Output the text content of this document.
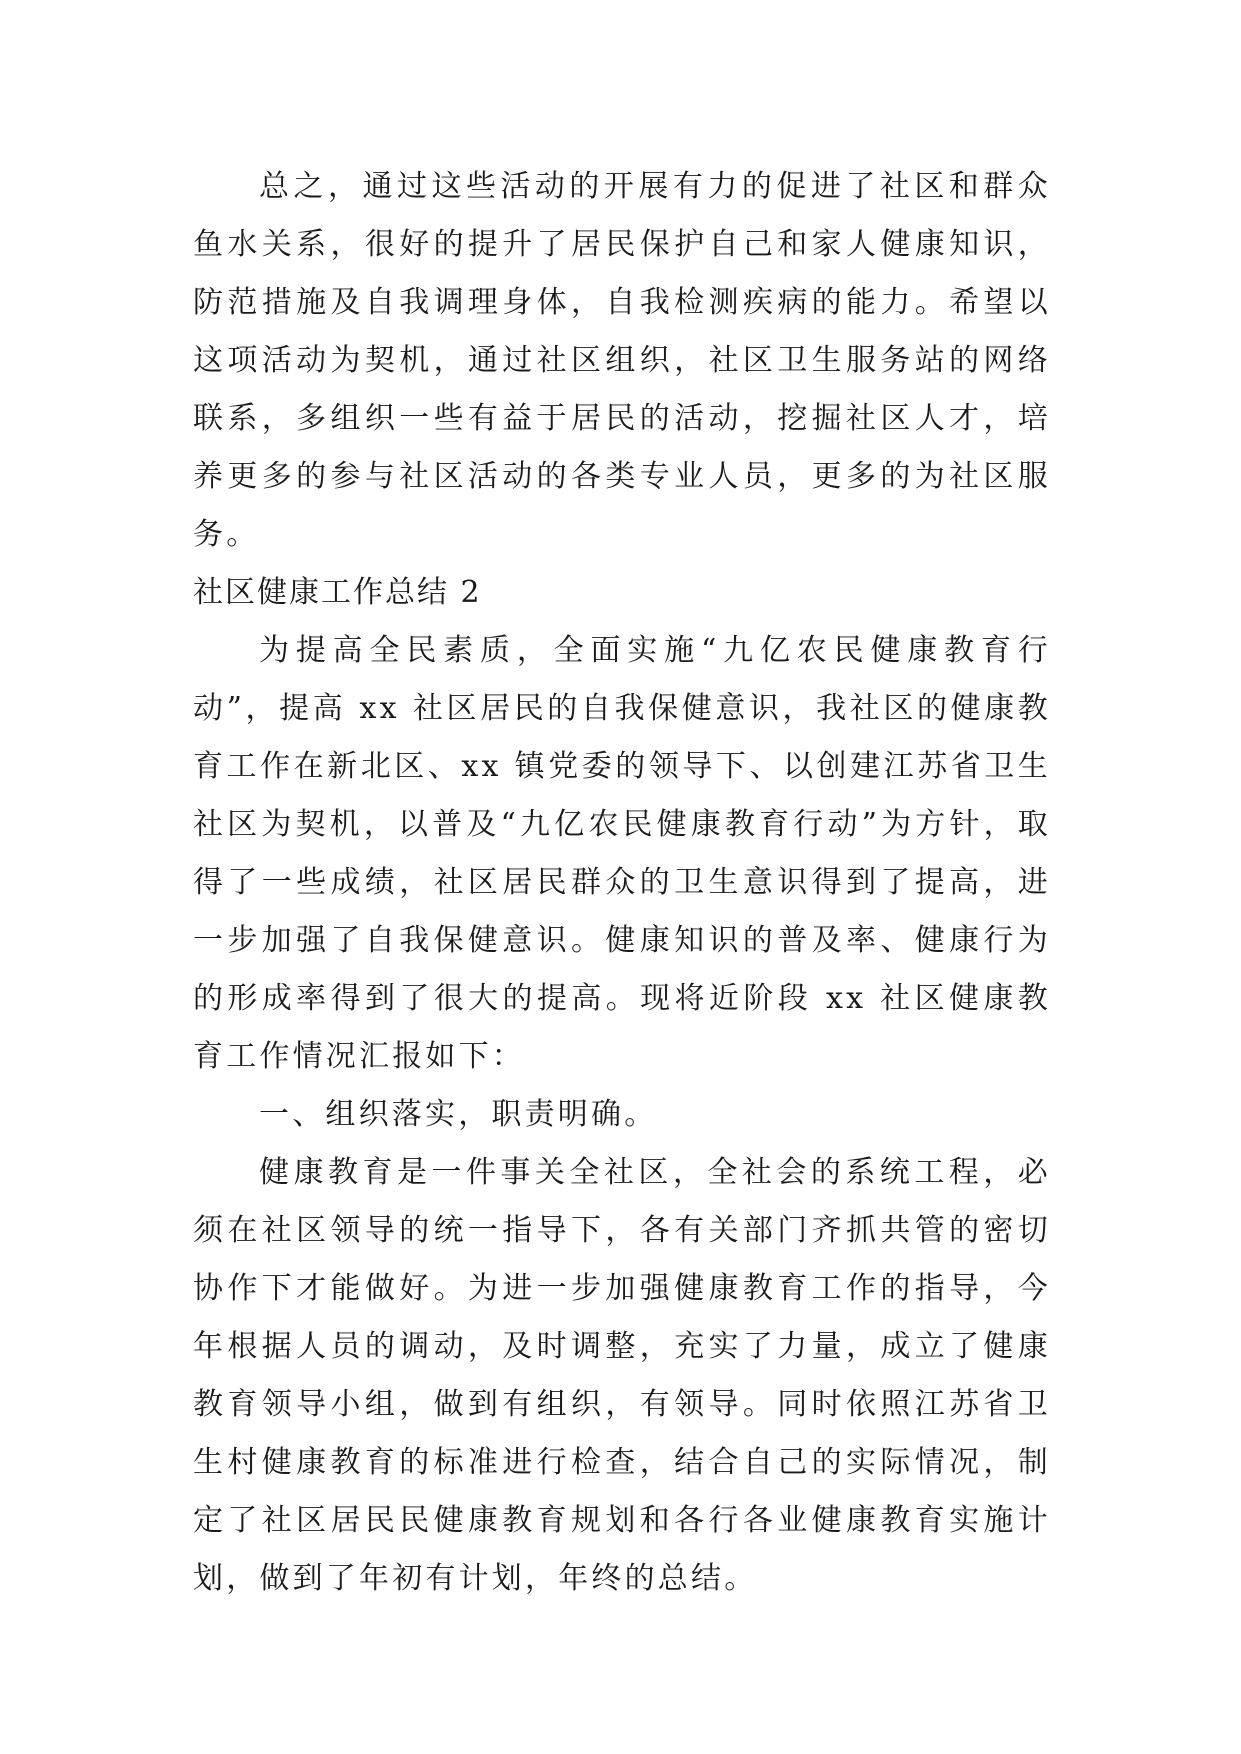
总之，通过这些活动的开展有力的促进了社区和群众鱼水关系，很好的提升了居民保护自己和家人健康知识，防范措施及自我调理身体，自我检测疾病的能力。希望以这项活动为契机，通过社区组织，社区卫生服务站的网络联系，多组织一些有益于居民的活动，挖掘社区人才，培养更多的参与社区活动的各类专业人员，更多的为社区服务。

社区健康工作总结 2

为提高全民素质，全面实施“九亿农民健康教育行动”，提高 xx 社区居民的自我保健意识，我社区的健康教育工作在新北区、xx 镇党委的领导下、以创建江苏省卫生社区为契机，以普及“九亿农民健康教育行动”为方针，取得了一些成绩，社区居民群众的卫生意识得到了提高，进一步加强了自我保健意识。健康知识的普及率、健康行为的形成率得到了很大的提高。现将近阶段 xx 社区健康教育工作情况汇报如下：

一、组织落实，职责明确。

健康教育是一件事关全社区，全社会的系统工程，必须在社区领导的统一指导下，各有关部门齐抓共管的密切协作下才能做好。为进一步加强健康教育工作的指导，今年根据人员的调动，及时调整，充实了力量，成立了健康教育领导小组，做到有组织，有领导。同时依照江苏省卫生村健康教育的标准进行检查，结合自己的实际情况，制定了社区居民民健康教育规划和各行各业健康教育实施计划，做到了年初有计划，年终的总结。
